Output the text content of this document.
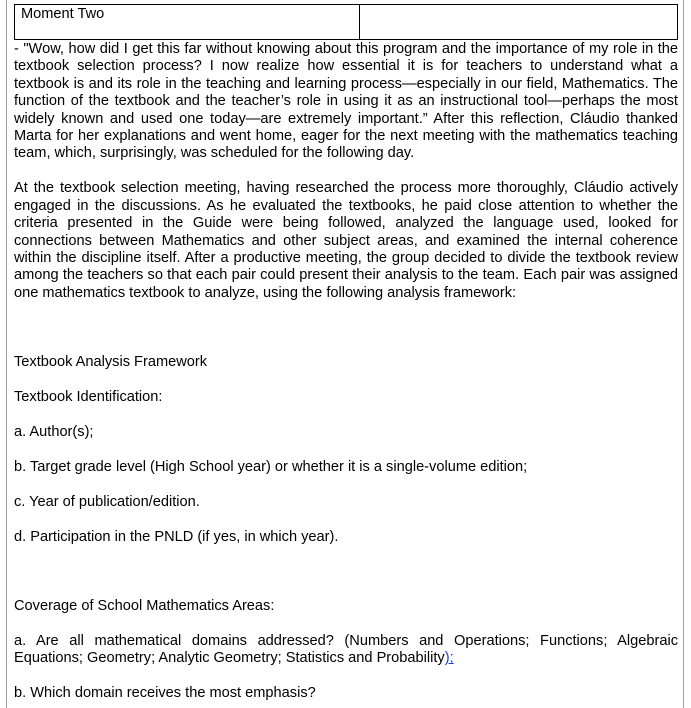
Moment Two	

- "Wow, how did I get this far without knowing about this program and the importance of my role in the textbook selection process? I now realize how essential it is for teachers to understand what a textbook is and its role in the teaching and learning process—especially in our field, Mathematics. The function of the textbook and the teacher’s role in using it as an instructional tool—perhaps the most widely known and used one today—are extremely important.” After this reflection, Cláudio thanked Marta for her explanations and went home, eager for the next meeting with the mathematics teaching team, which, surprisingly, was scheduled for the following day.

At the textbook selection meeting, having researched the process more thoroughly, Cláudio actively engaged in the discussions. As he evaluated the textbooks, he paid close attention to whether the criteria presented in the Guide were being followed, analyzed the language used, looked for connections between Mathematics and other subject areas, and examined the internal coherence within the discipline itself. After a productive meeting, the group decided to divide the textbook review among the teachers so that each pair could present their analysis to the team. Each pair was assigned one mathematics textbook to analyze, using the following analysis framework:

Textbook Analysis Framework

Textbook Identification:

a. Author(s);

b. Target grade level (High School year) or whether it is a single-volume edition;

c. Year of publication/edition.

d. Participation in the PNLD (if yes, in which year).

Coverage of School Mathematics Areas:

a. Are all mathematical domains addressed? (Numbers and Operations; Functions; Algebraic Equations; Geometry; Analytic Geometry; Statistics and Probability);

b. Which domain receives the most emphasis?
